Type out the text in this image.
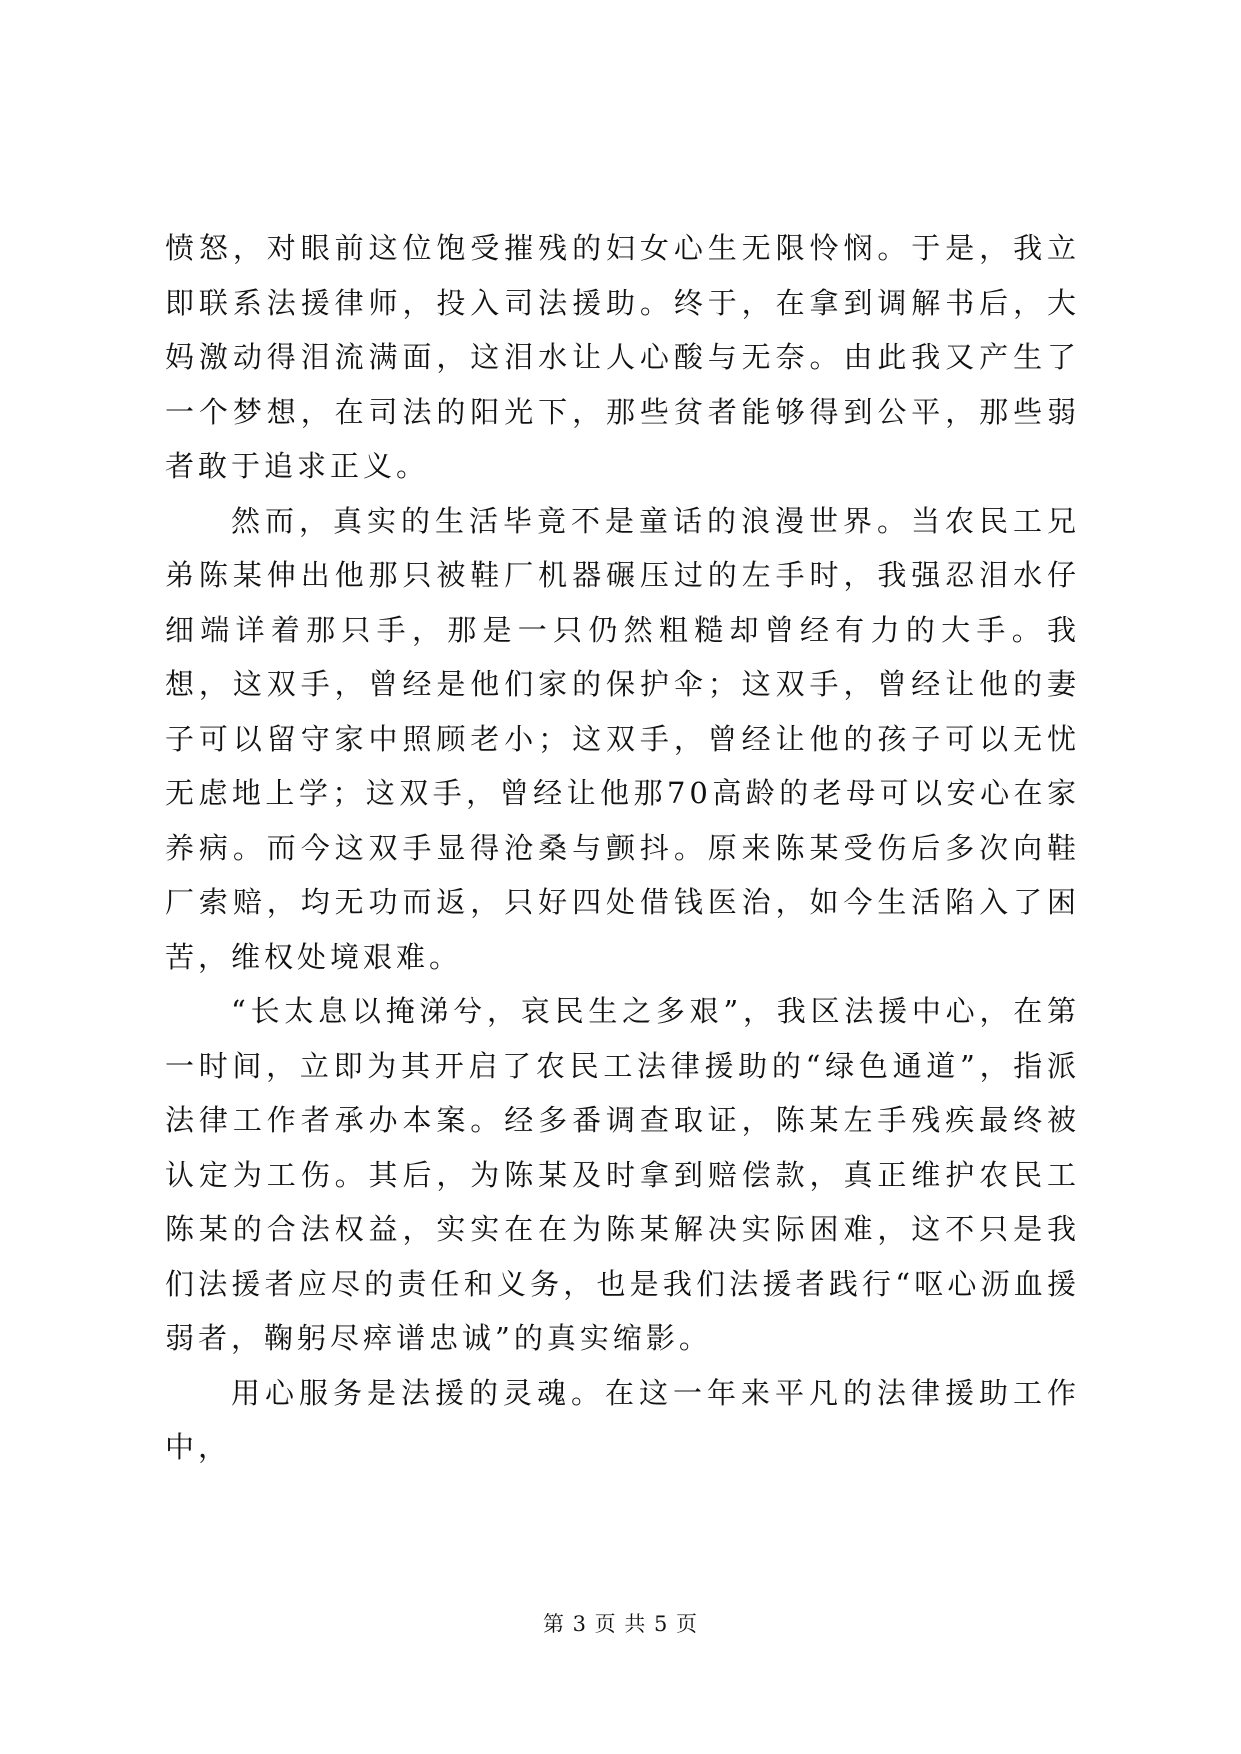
愤怒，对眼前这位饱受摧残的妇女心生无限怜悯。于是，我立即联系法援律师，投入司法援助。终于，在拿到调解书后，大妈激动得泪流满面，这泪水让人心酸与无奈。由此我又产生了一个梦想，在司法的阳光下，那些贫者能够得到公平，那些弱者敢于追求正义。

然而，真实的生活毕竟不是童话的浪漫世界。当农民工兄弟陈某伸出他那只被鞋厂机器碾压过的左手时，我强忍泪水仔细端详着那只手，那是一只仍然粗糙却曾经有力的大手。我想，这双手，曾经是他们家的保护伞；这双手，曾经让他的妻子可以留守家中照顾老小；这双手，曾经让他的孩子可以无忧无虑地上学；这双手，曾经让他那70高龄的老母可以安心在家养病。而今这双手显得沧桑与颤抖。原来陈某受伤后多次向鞋厂索赔，均无功而返，只好四处借钱医治，如今生活陷入了困苦，维权处境艰难。

“长太息以掩涕兮，哀民生之多艰”，我区法援中心，在第一时间，立即为其开启了农民工法律援助的“绿色通道”，指派法律工作者承办本案。经多番调查取证，陈某左手残疾最终被认定为工伤。其后，为陈某及时拿到赔偿款，真正维护农民工陈某的合法权益，实实在在为陈某解决实际困难，这不只是我们法援者应尽的责任和义务，也是我们法援者践行“呕心沥血援弱者，鞠躬尽瘁谱忠诚”的真实缩影。

用心服务是法援的灵魂。在这一年来平凡的法律援助工作中，

第 3 页 共 5 页
